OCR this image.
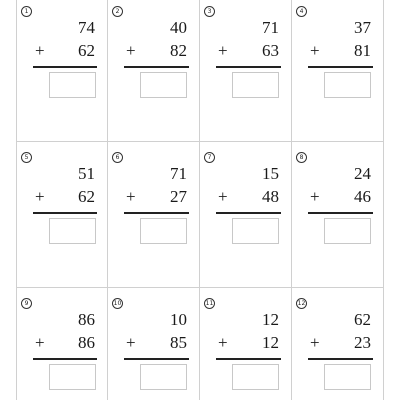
1
74
+ 62
2
40
+ 82
3
71
+ 63
4
37
+ 81
5
51
+ 62
6
71
+ 27
7
15
+ 48
8
24
+ 46
9
86
+ 86
10
10
+ 85
11
12
+ 12
12
62
+ 23
